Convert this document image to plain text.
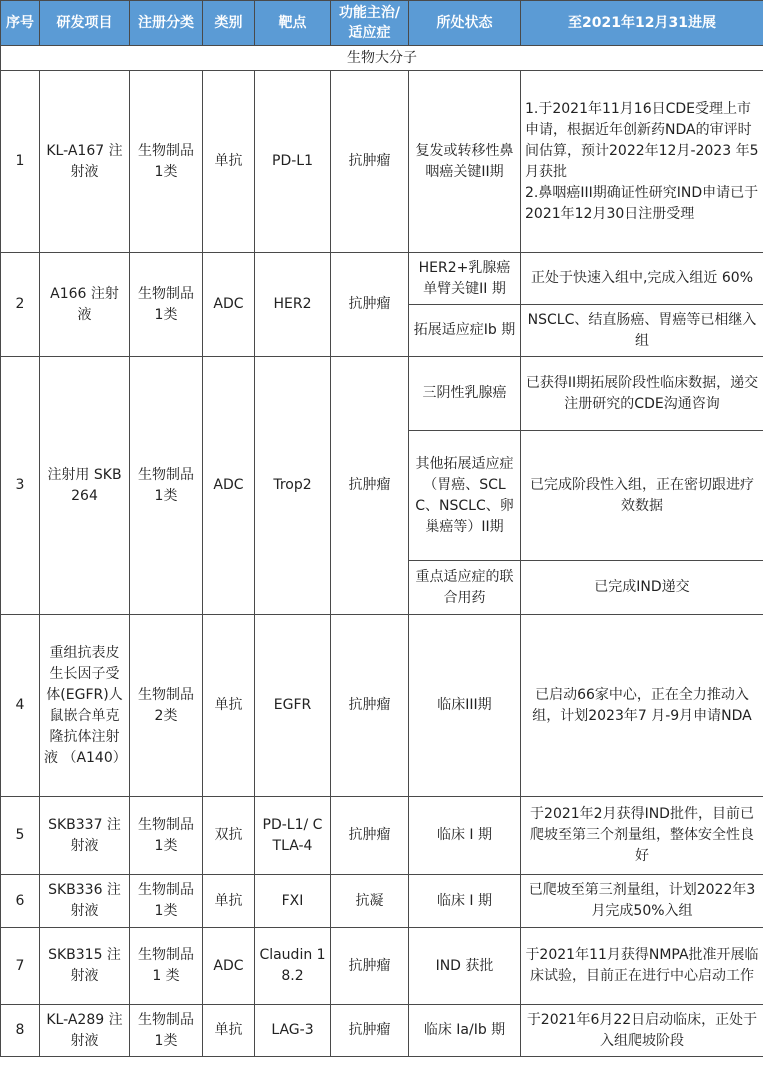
序号	研发项目	注册分类	类别	靶点	功能主治/适应症	所处状态	至2021年12月31进展
生物大分子							
1	KL-A167 注射液	生物制品 1类	单抗	PD-L1	抗肿瘤	复发或转移性鼻咽癌关键II期	1.于2021年11月16日CDE受理上市申请，根据近年创新药NDA的审评时间估算，预计2022年12月-2023 年5月获批
2.鼻咽癌III期确证性研究IND申请已于2021年12月30日注册受理
2	A166 注射液	生物制品 1类	ADC	HER2	抗肿瘤	HER2+乳腺癌单臂关键II 期	正处于快速入组中,完成入组近 60%
						拓展适应症Ib 期	NSCLC、结直肠癌、胃癌等已相继入组
3	注射用 SKB264	生物制品 1类	ADC	Trop2	抗肿瘤	三阴性乳腺癌	已获得II期拓展阶段性临床数据，递交注册研究的CDE沟通咨询
						其他拓展适应症（胃癌、SCLC、NSCLC、卵巢癌等）II期	已完成阶段性入组，正在密切跟进疗效数据
						重点适应症的联合用药	已完成IND递交
4	重组抗表皮生长因子受体(EGFR)人鼠嵌合单克隆抗体注射液 （A140）	生物制品 2类	单抗	EGFR	抗肿瘤	临床III期	已启动66家中心，正在全力推动入组，计划2023年7 月-9月申请NDA
5	SKB337 注射液	生物制品 1类	双抗	PD-L1/ CTLA-4	抗肿瘤	临床 I 期	于2021年2月获得IND批件，目前已爬坡至第三个剂量组，整体安全性良好
6	SKB336 注射液	生物制品 1类	单抗	FXI	抗凝	临床 I 期	已爬坡至第三剂量组，计划2022年3月完成50%入组
7	SKB315 注射液	生物制品 1 类	ADC	Claudin 18.2	抗肿瘤	IND 获批	于2021年11月获得NMPA批准开展临床试验，目前正在进行中心启动工作
8	KL-A289 注射液	生物制品 1类	单抗	LAG-3	抗肿瘤	临床 Ia/Ib 期	于2021年6月22日启动临床，正处于入组爬坡阶段
